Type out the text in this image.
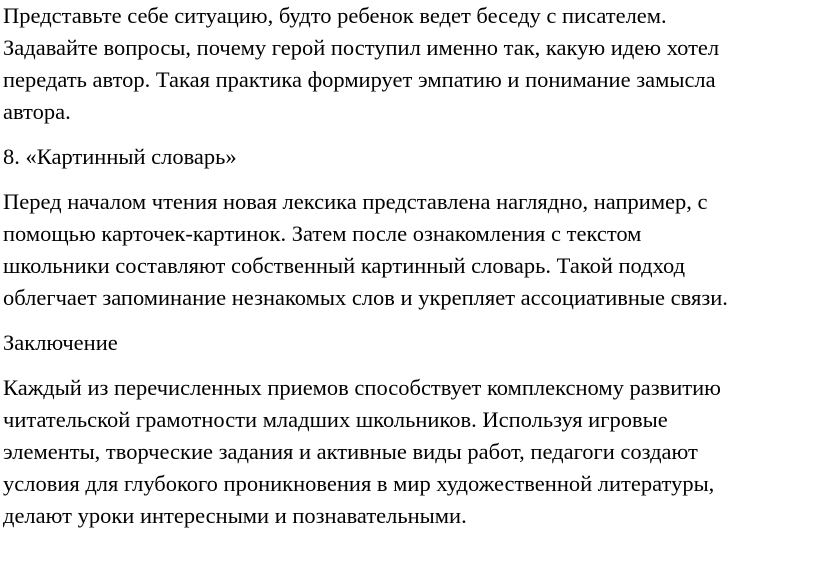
Представьте себе ситуацию, будто ребенок ведет беседу с писателем.
Задавайте вопросы, почему герой поступил именно так, какую идею хотел
передать автор. Такая практика формирует эмпатию и понимание замысла
автора.

8. «Картинный словарь»

Перед началом чтения новая лексика представлена наглядно, например, с
помощью карточек-картинок. Затем после ознакомления с текстом
школьники составляют собственный картинный словарь. Такой подход
облегчает запоминание незнакомых слов и укрепляет ассоциативные связи.

Заключение

Каждый из перечисленных приемов способствует комплексному развитию
читательской грамотности младших школьников. Используя игровые
элементы, творческие задания и активные виды работ, педагоги создают
условия для глубокого проникновения в мир художественной литературы,
делают уроки интересными и познавательными.
